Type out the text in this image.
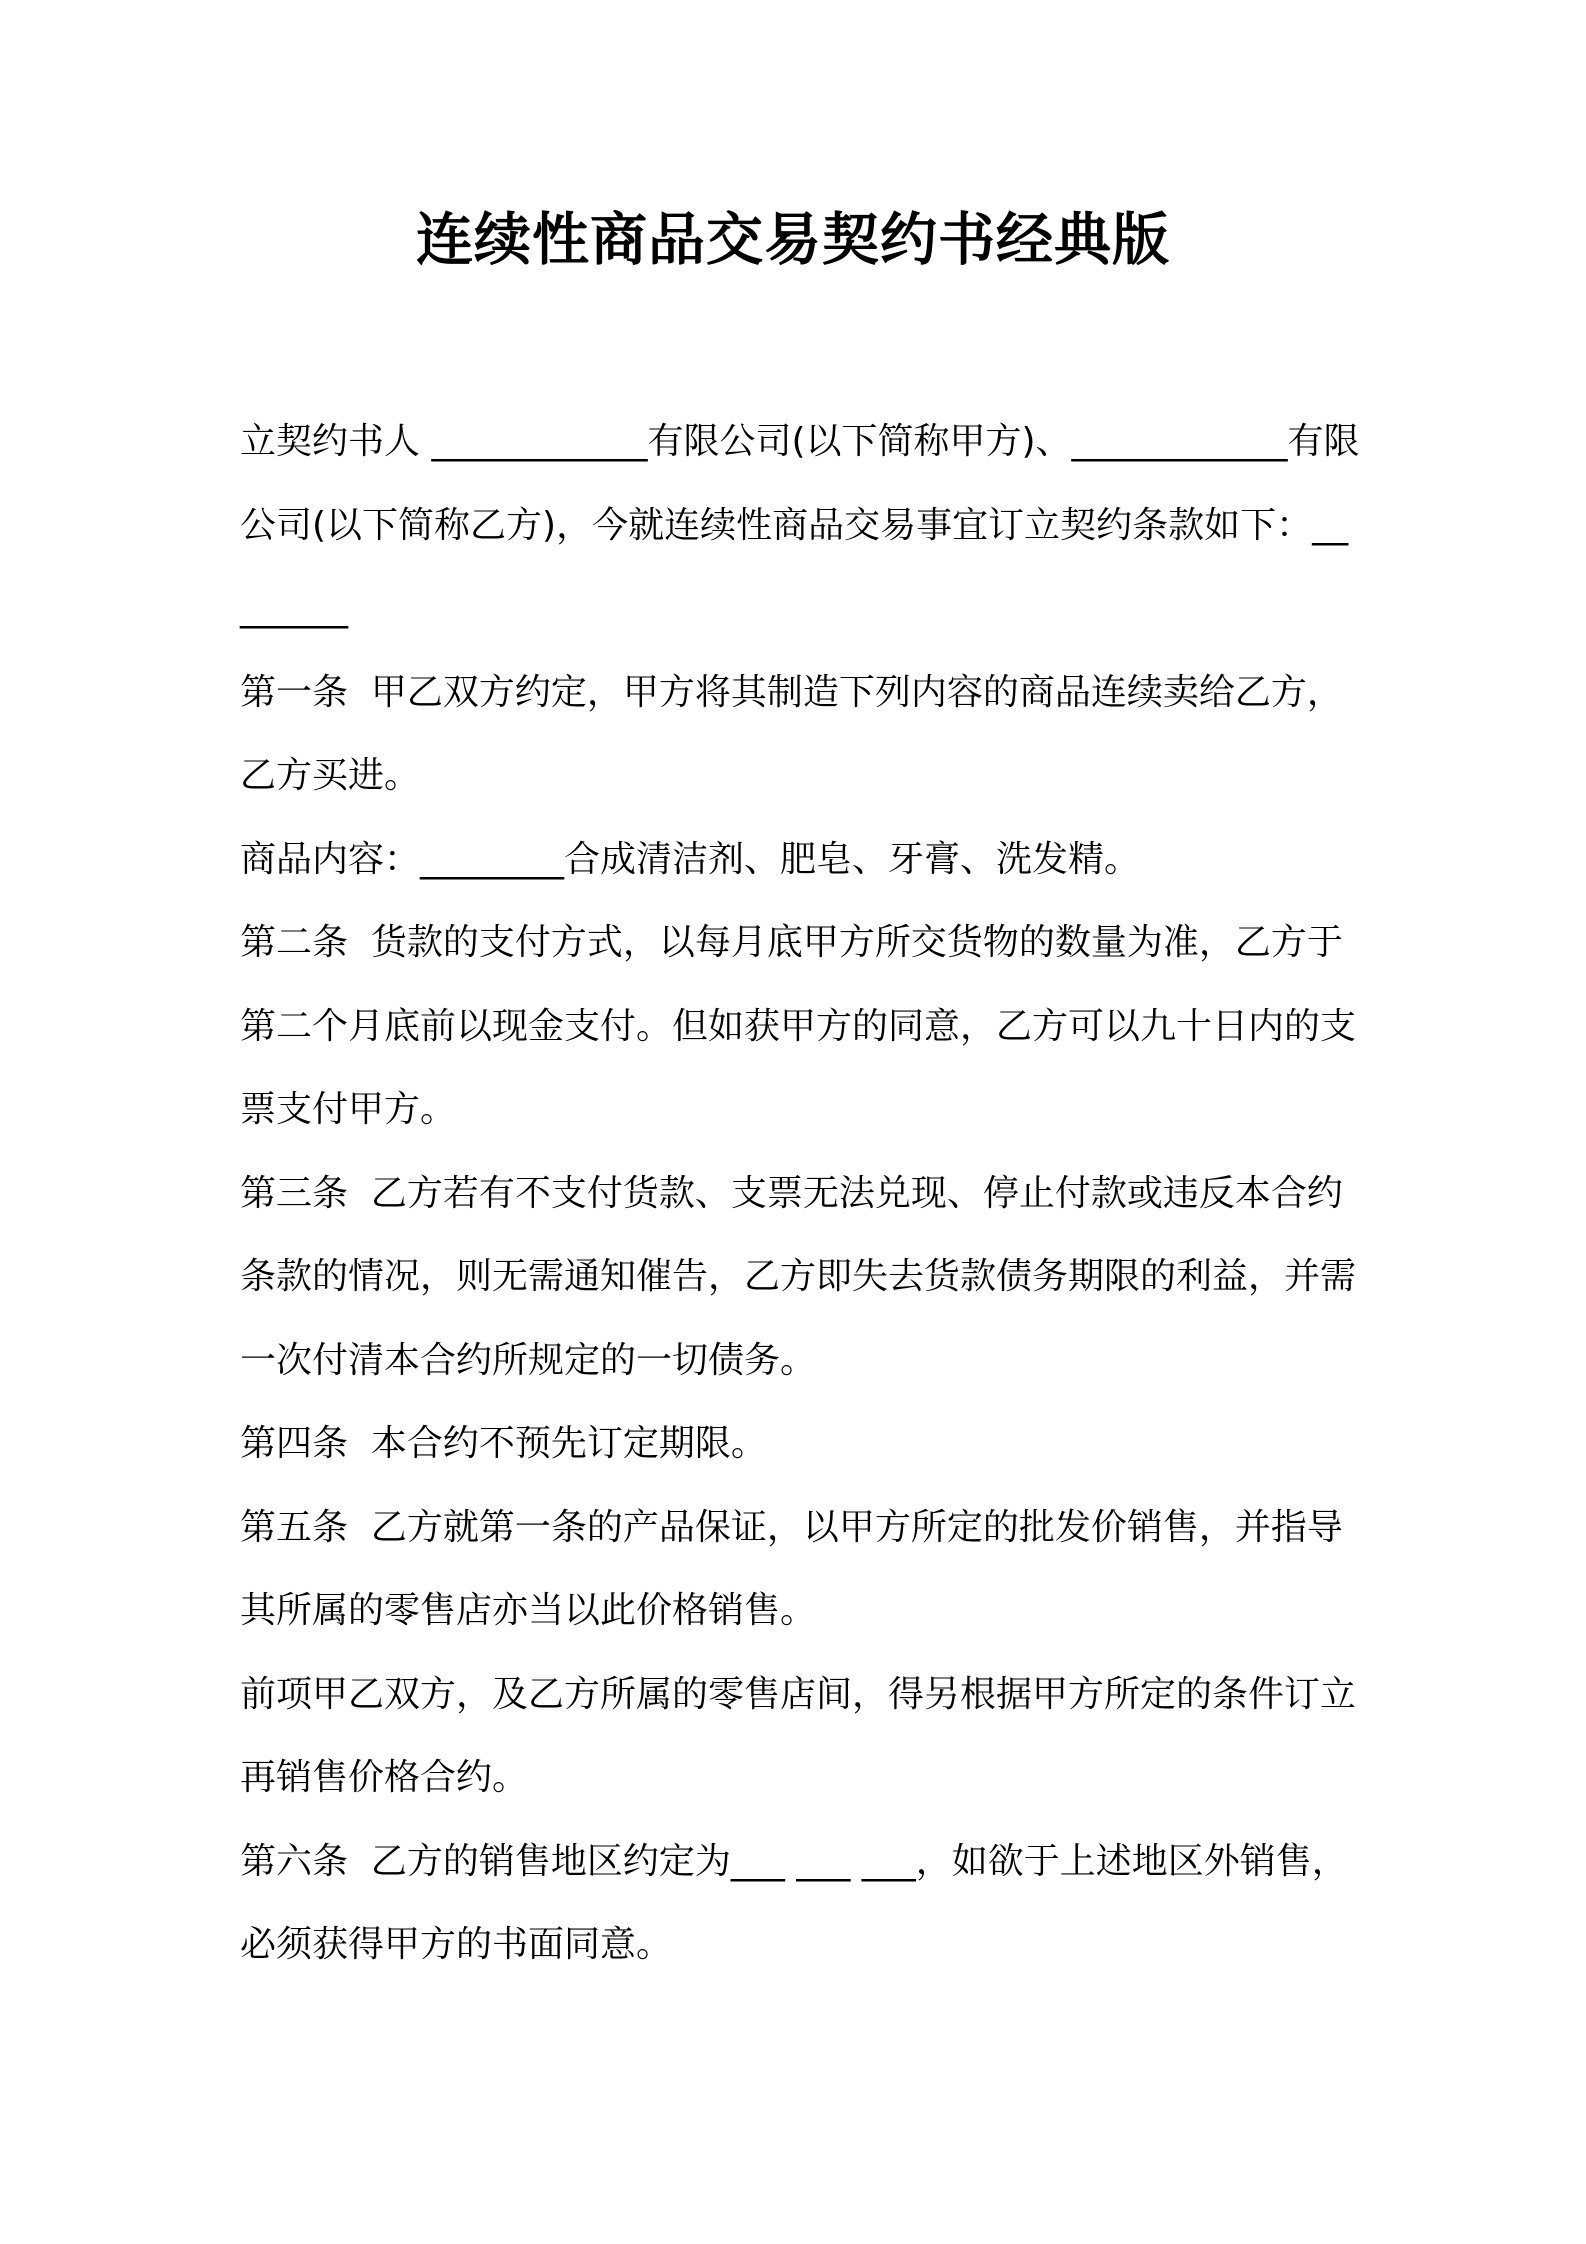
连续性商品交易契约书经典版

立契约书人 ____________有限公司(以下简称甲方)、____________有限公司(以下简称乙方)，今就连续性商品交易事宜订立契约条款如下：________

第一条  甲乙双方约定，甲方将其制造下列内容的商品连续卖给乙方，乙方买进。

商品内容：________合成清洁剂、肥皂、牙膏、洗发精。

第二条  货款的支付方式，以每月底甲方所交货物的数量为准，乙方于第二个月底前以现金支付。但如获甲方的同意，乙方可以九十日内的支票支付甲方。

第三条  乙方若有不支付货款、支票无法兑现、停止付款或违反本合约条款的情况，则无需通知催告，乙方即失去货款债务期限的利益，并需一次付清本合约所规定的一切债务。

第四条  本合约不预先订定期限。

第五条  乙方就第一条的产品保证，以甲方所定的批发价销售，并指导其所属的零售店亦当以此价格销售。

前项甲乙双方，及乙方所属的零售店间，得另根据甲方所定的条件订立再销售价格合约。

第六条  乙方的销售地区约定为___ ___ ___，如欲于上述地区外销售，必须获得甲方的书面同意。
